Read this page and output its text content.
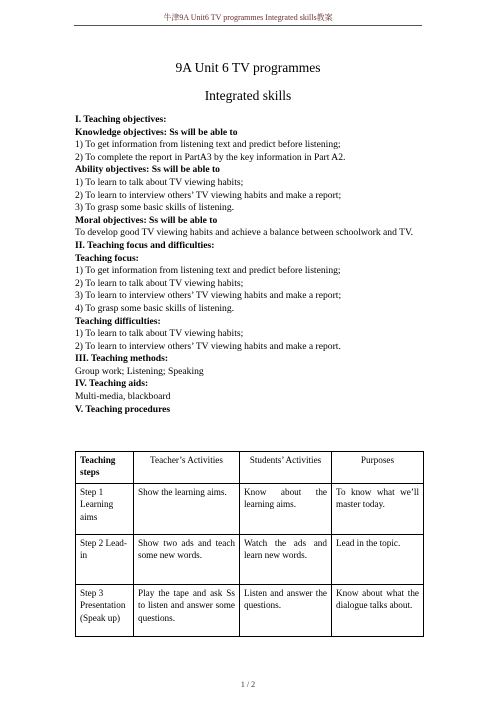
牛津9A Unit6 TV programmes Integrated skills教案
9A Unit 6 TV programmes
Integrated skills
I. Teaching objectives:
Knowledge objectives: Ss will be able to
1) To get information from listening text and predict before listening;
2) To complete the report in PartA3 by the key information in Part A2.
Ability objectives: Ss will be able to
1) To learn to talk about TV viewing habits;
2) To learn to interview others’ TV viewing habits and make a report;
3) To grasp some basic skills of listening.
Moral objectives: Ss will be able to
To develop good TV viewing habits and achieve a balance between schoolwork and TV.
II. Teaching focus and difficulties:
Teaching focus:
1) To get information from listening text and predict before listening;
2) To learn to talk about TV viewing habits;
3) To learn to interview others’ TV viewing habits and make a report;
4) To grasp some basic skills of listening.
Teaching difficulties:
1) To learn to talk about TV viewing habits;
2) To learn to interview others’ TV viewing habits and make a report.
III. Teaching methods:
Group work; Listening; Speaking
IV. Teaching aids:
Multi-media, blackboard
V. Teaching procedures
Teaching steps	Teacher’s Activities	Students’ Activities	Purposes
Step 1 Learning aims	Show the learning aims.	Know about the learning aims.	To know what we’ll master today.
Step 2 Lead-in	Show two ads and teach some new words.	Watch the ads and learn new words.	Lead in the topic.
Step 3 Presentation (Speak up)	Play the tape and ask Ss to listen and answer some questions.	Listen and answer the questions.	Know about what the dialogue talks about.
1 / 2
